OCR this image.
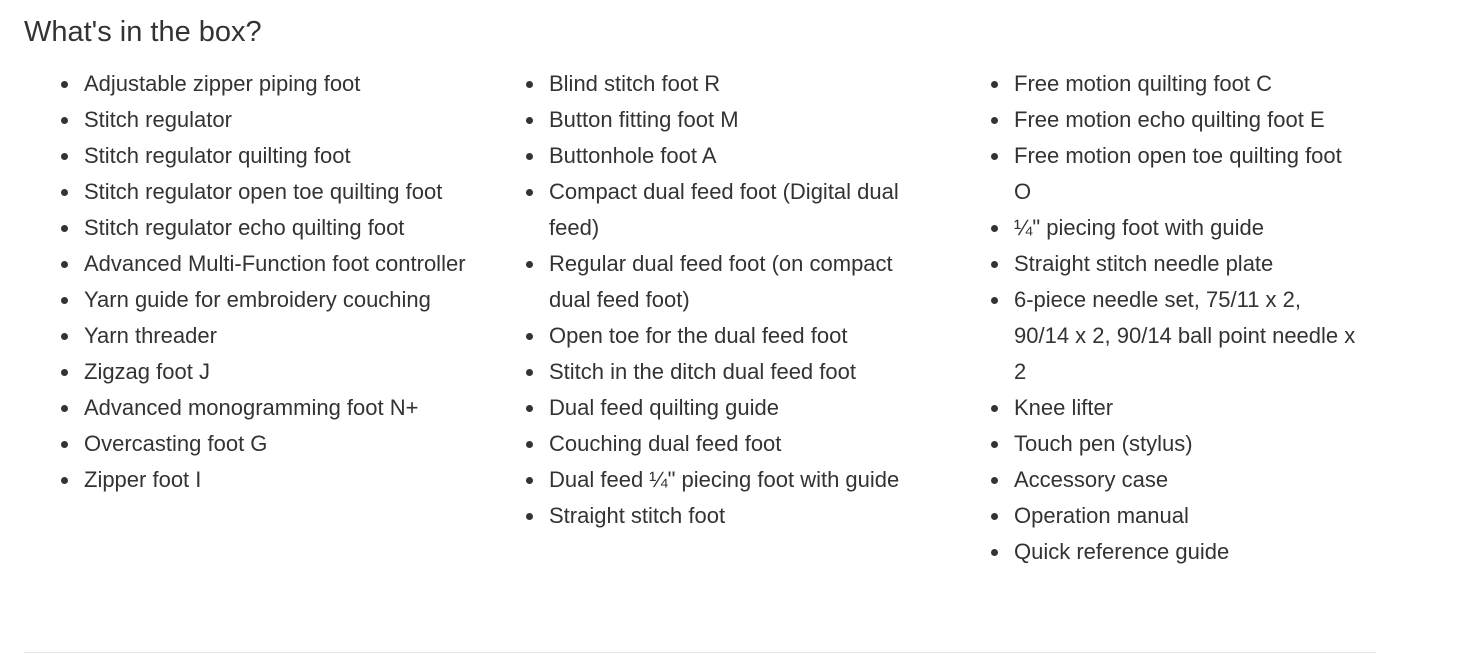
What's in the box?
Adjustable zipper piping foot
Stitch regulator
Stitch regulator quilting foot
Stitch regulator open toe quilting foot
Stitch regulator echo quilting foot
Advanced Multi-Function foot controller
Yarn guide for embroidery couching
Yarn threader
Zigzag foot J
Advanced monogramming foot N+
Overcasting foot G
Zipper foot I
Blind stitch foot R
Button fitting foot M
Buttonhole foot A
Compact dual feed foot (Digital dual feed)
Regular dual feed foot (on compact dual feed foot)
Open toe for the dual feed foot
Stitch in the ditch dual feed foot
Dual feed quilting guide
Couching dual feed foot
Dual feed ¼" piecing foot with guide
Straight stitch foot
Free motion quilting foot C
Free motion echo quilting foot E
Free motion open toe quilting foot O
¼" piecing foot with guide
Straight stitch needle plate
6-piece needle set, 75/11 x 2, 90/14 x 2, 90/14 ball point needle x 2
Knee lifter
Touch pen (stylus)
Accessory case
Operation manual
Quick reference guide
